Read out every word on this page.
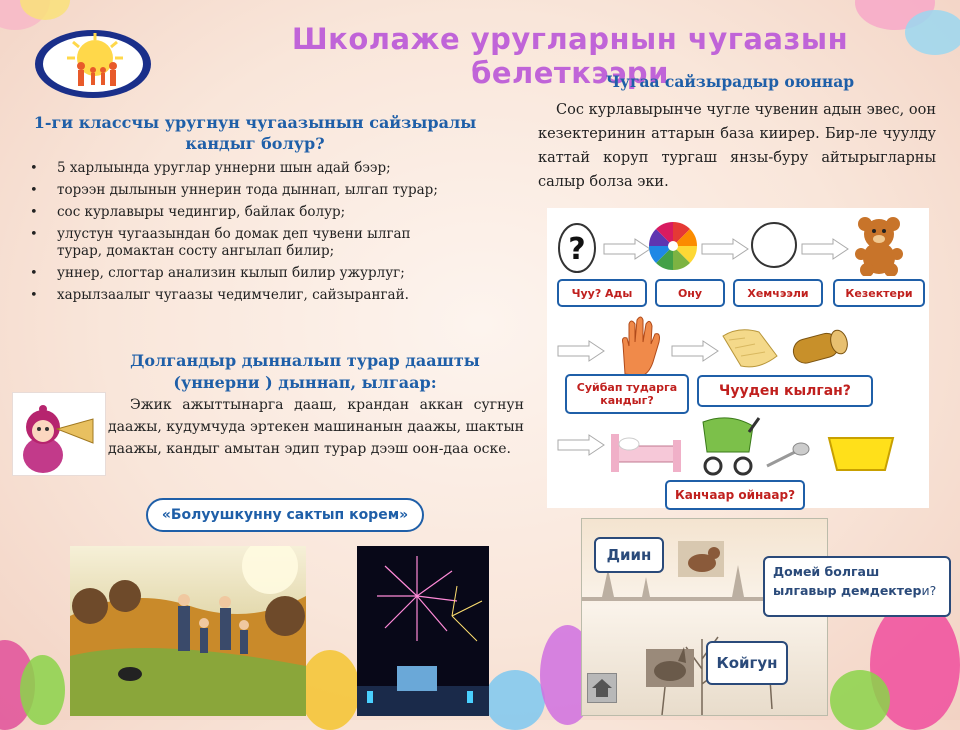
Школаже уругларнын чугаазын белеткээри
1-ги классчы уругнун чугаазынын сайзыралы кандыг болур?
• 5 харлыында уруглар уннерни шын адай бээр;
• торээн дылынын уннерин тода дыннап, ылгап турар;
• сос курлавыры чедингир, байлак болур;
• улустун чугаазындан бо домак деп чувени ылгап турар, домактан состу ангылап билир;
• уннер, слогтар анализин кылып билир ужурлуг;
• харылзаалыг чугаазы чедимчелиг, сайзырангай.
Долгандыр дынналып турар даашты (уннерни ) дыннап, ылгаар:
Эжик ажыттынарга дааш, крандан аккан сугнун даажы, кудумчуда эртекен машинанын даажы, шактын даажы, кандыг амытан эдип турар дээш оон-даа оске.
«Болуушкунну сактып корем»
Чугаа сайзырадыр оюннар
Сос курлавырынче чугле чувенин адын эвес, оон кезектеринин аттарын база киирер. Бир-ле чуулду каттай коруп тургаш янзы-буру айтырыгларны салыр болза эки.
?
Чуу? Ады	Ону	Хемчээли	Кезектери
Суйбап тударга кандыг?
Чууден кылган?
Канчаар ойнаар?
Диин
Койгун
Домей болгаш ылгавыр демдектери?
